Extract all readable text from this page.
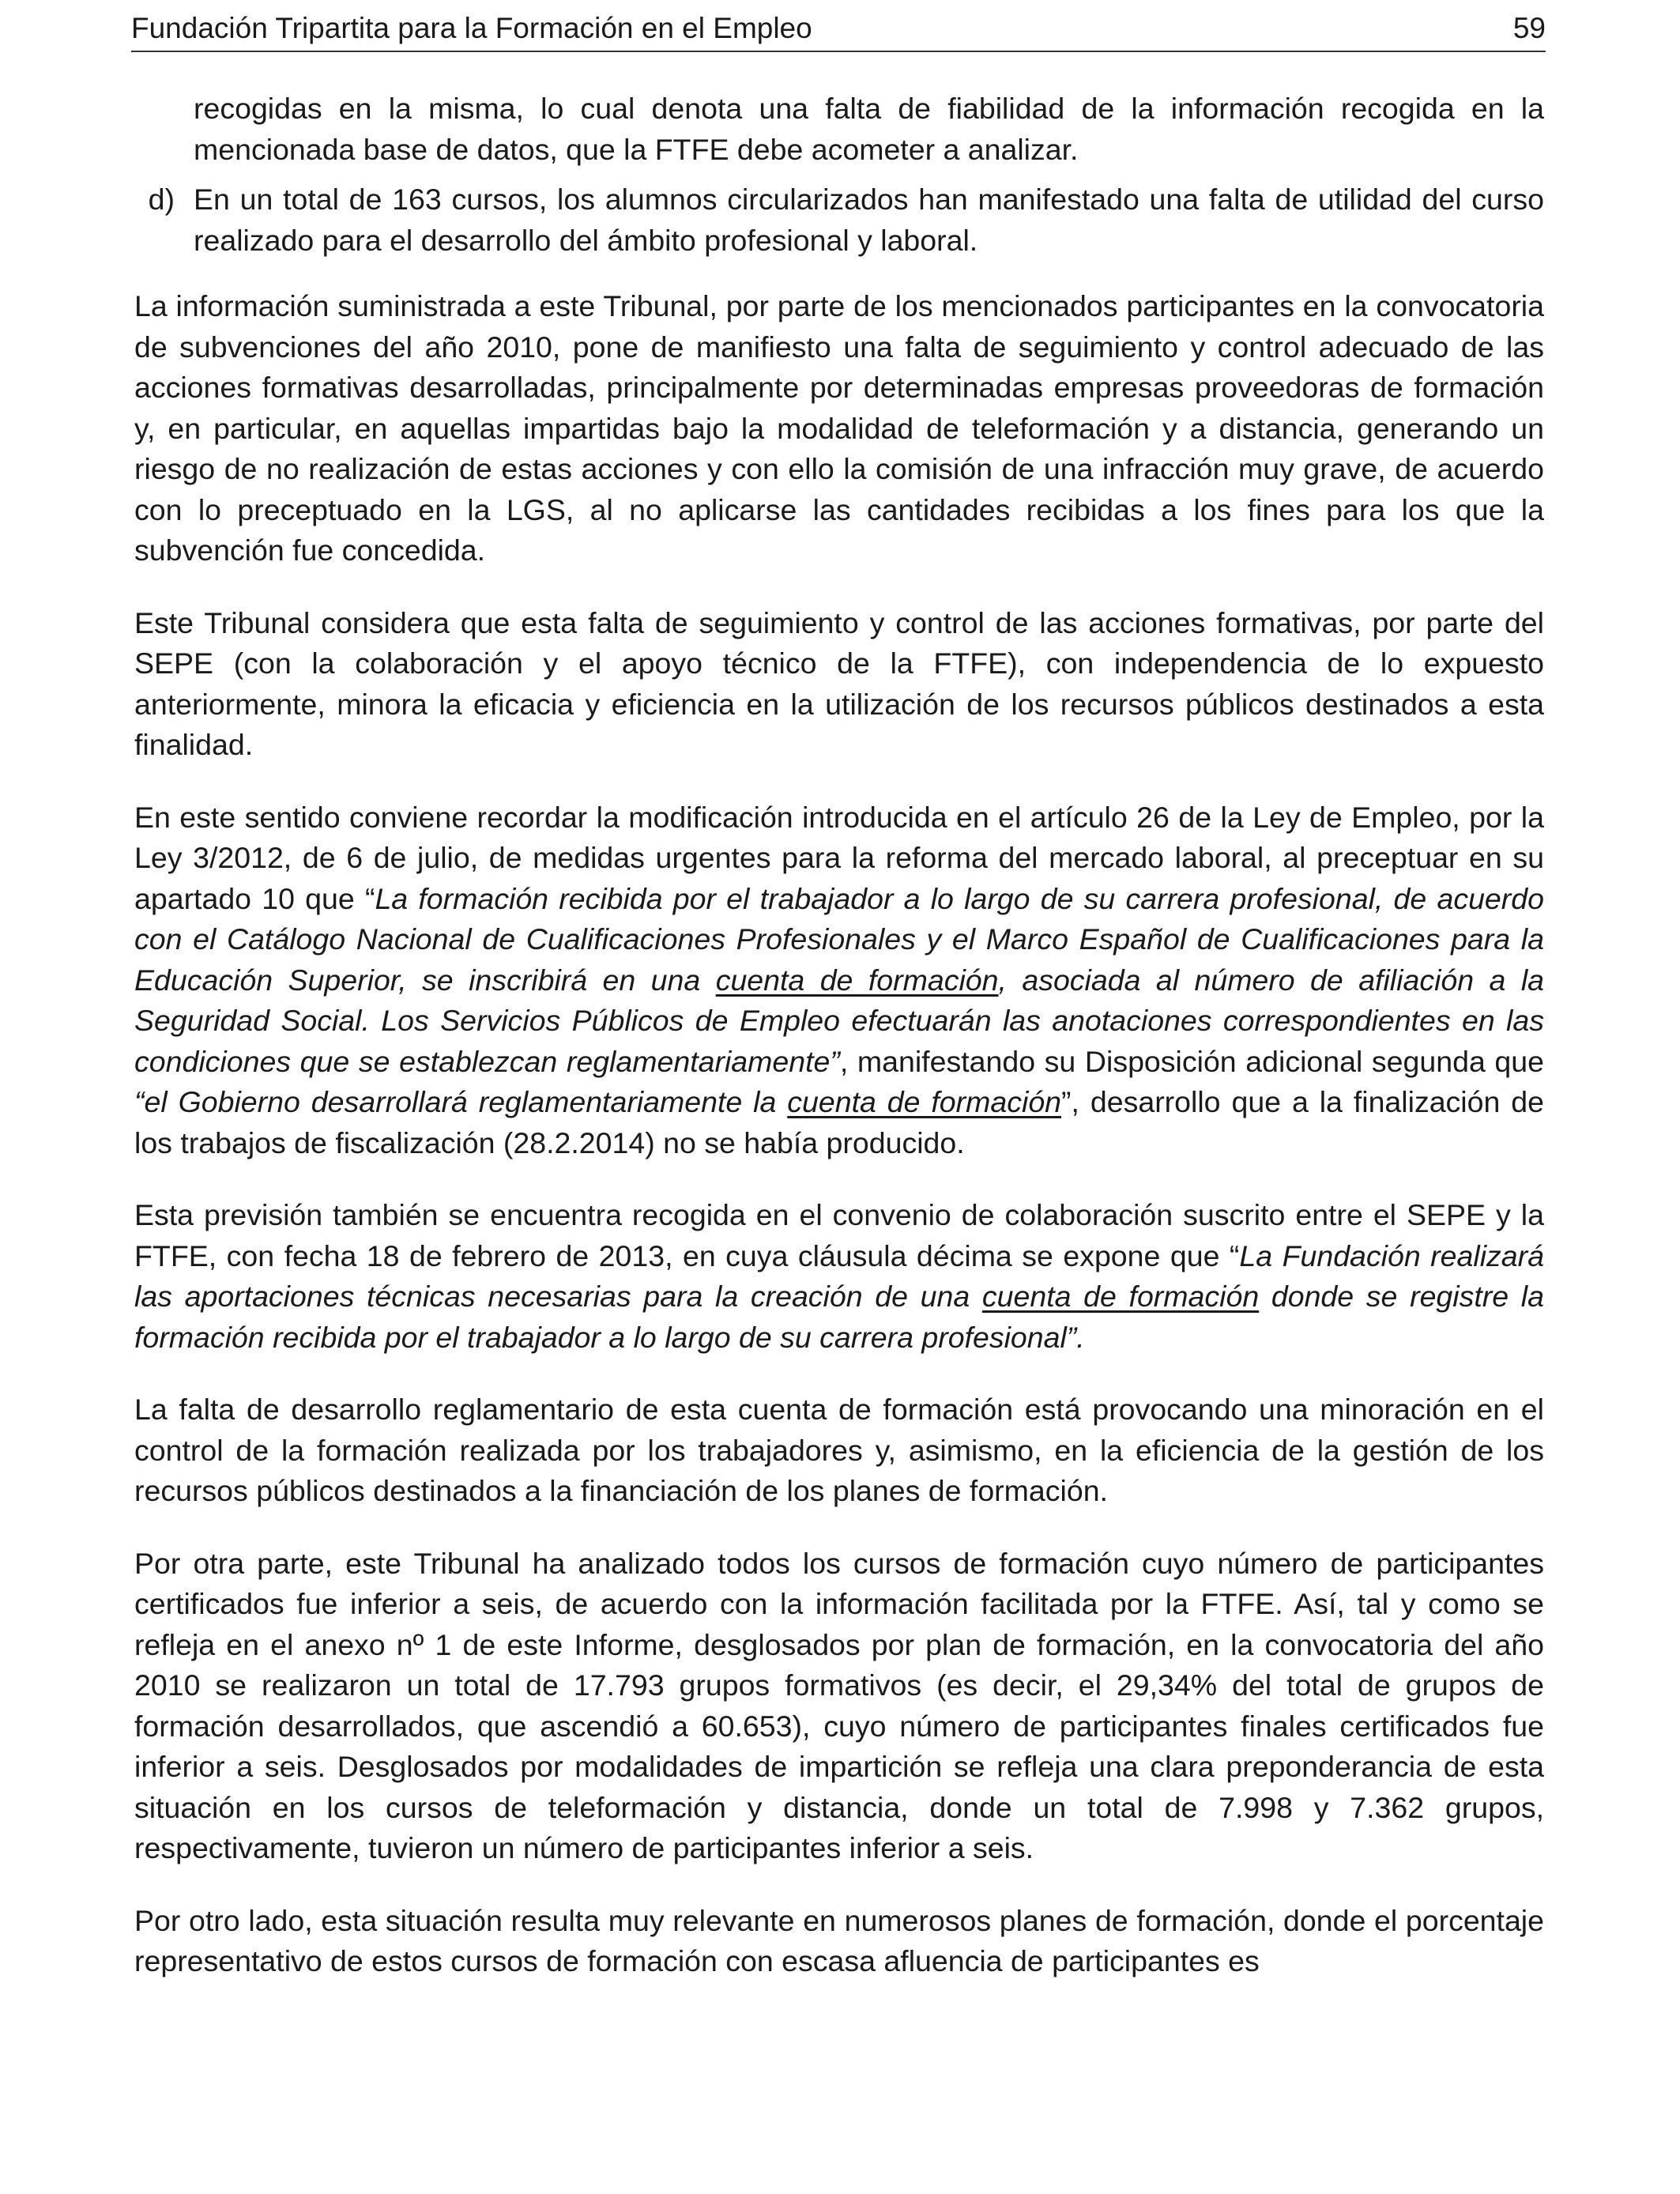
Fundación Tripartita para la Formación en el Empleo	59
recogidas en la misma, lo cual denota una falta de fiabilidad de la información recogida en la mencionada base de datos, que la FTFE debe acometer a analizar.
d) En un total de 163 cursos, los alumnos circularizados han manifestado una falta de utilidad del curso realizado para el desarrollo del ámbito profesional y laboral.

La información suministrada a este Tribunal, por parte de los mencionados participantes en la convocatoria de subvenciones del año 2010, pone de manifiesto una falta de seguimiento y control adecuado de las acciones formativas desarrolladas, principalmente por determinadas empresas proveedoras de formación y, en particular, en aquellas impartidas bajo la modalidad de teleformación y a distancia, generando un riesgo de no realización de estas acciones y con ello la comisión de una infracción muy grave, de acuerdo con lo preceptuado en la LGS, al no aplicarse las cantidades recibidas a los fines para los que la subvención fue concedida.

Este Tribunal considera que esta falta de seguimiento y control de las acciones formativas, por parte del SEPE (con la colaboración y el apoyo técnico de la FTFE), con independencia de lo expuesto anteriormente, minora la eficacia y eficiencia en la utilización de los recursos públicos destinados a esta finalidad.

En este sentido conviene recordar la modificación introducida en el artículo 26 de la Ley de Empleo, por la Ley 3/2012, de 6 de julio, de medidas urgentes para la reforma del mercado laboral, al preceptuar en su apartado 10 que “La formación recibida por el trabajador a lo largo de su carrera profesional, de acuerdo con el Catálogo Nacional de Cualificaciones Profesionales y el Marco Español de Cualificaciones para la Educación Superior, se inscribirá en una cuenta de formación, asociada al número de afiliación a la Seguridad Social. Los Servicios Públicos de Empleo efectuarán las anotaciones correspondientes en las condiciones que se establezcan reglamentariamente”, manifestando su Disposición adicional segunda que “el Gobierno desarrollará reglamentariamente la cuenta de formación”, desarrollo que a la finalización de los trabajos de fiscalización (28.2.2014) no se había producido.

Esta previsión también se encuentra recogida en el convenio de colaboración suscrito entre el SEPE y la FTFE, con fecha 18 de febrero de 2013, en cuya cláusula décima se expone que “La Fundación realizará las aportaciones técnicas necesarias para la creación de una cuenta de formación donde se registre la formación recibida por el trabajador a lo largo de su carrera profesional”.

La falta de desarrollo reglamentario de esta cuenta de formación está provocando una minoración en el control de la formación realizada por los trabajadores y, asimismo, en la eficiencia de la gestión de los recursos públicos destinados a la financiación de los planes de formación.

Por otra parte, este Tribunal ha analizado todos los cursos de formación cuyo número de participantes certificados fue inferior a seis, de acuerdo con la información facilitada por la FTFE. Así, tal y como se refleja en el anexo nº 1 de este Informe, desglosados por plan de formación, en la convocatoria del año 2010 se realizaron un total de 17.793 grupos formativos (es decir, el 29,34% del total de grupos de formación desarrollados, que ascendió a 60.653), cuyo número de participantes finales certificados fue inferior a seis. Desglosados por modalidades de impartición se refleja una clara preponderancia de esta situación en los cursos de teleformación y distancia, donde un total de 7.998 y 7.362 grupos, respectivamente, tuvieron un número de participantes inferior a seis.

Por otro lado, esta situación resulta muy relevante en numerosos planes de formación, donde el porcentaje representativo de estos cursos de formación con escasa afluencia de participantes es
